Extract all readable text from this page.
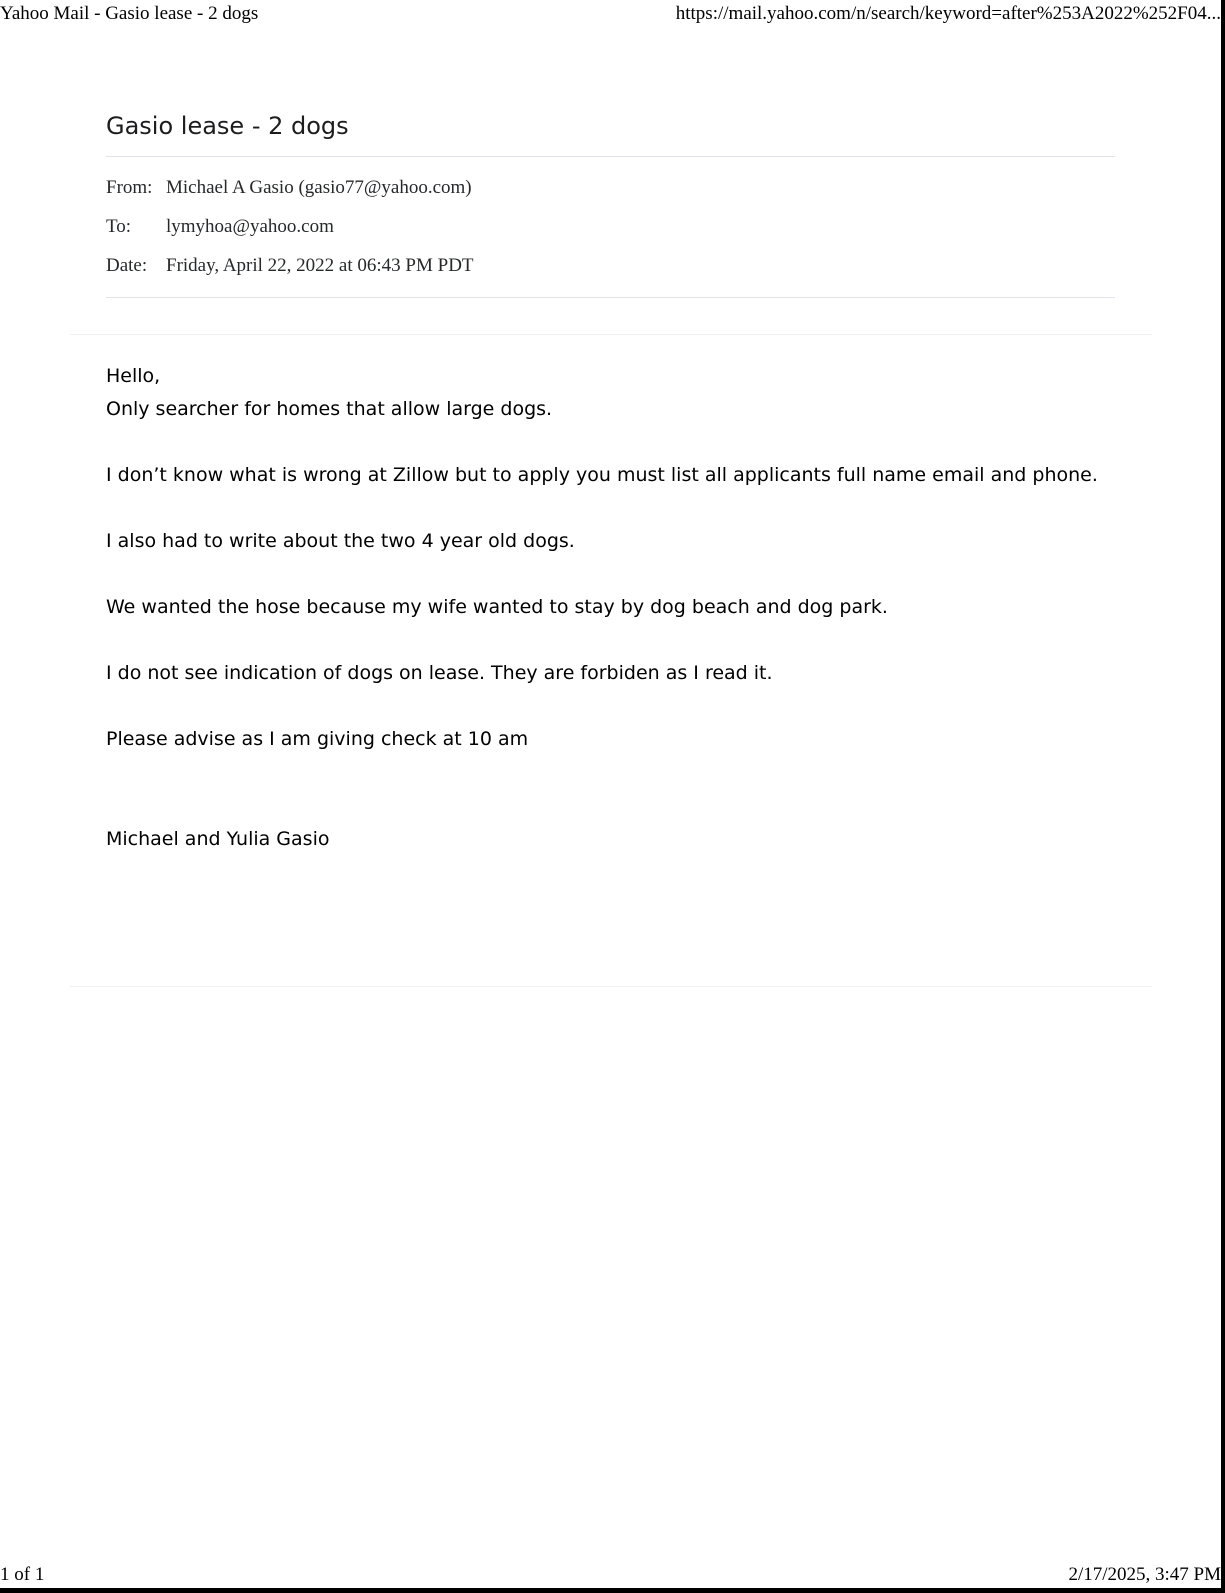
Yahoo Mail - Gasio lease - 2 dogs	https://mail.yahoo.com/n/search/keyword=after%253A2022%252F04...
Gasio lease - 2 dogs
From: Michael A Gasio (gasio77@yahoo.com)
To: lymyhoa@yahoo.com
Date: Friday, April 22, 2022 at 06:43 PM PDT
Hello,
Only searcher for homes that allow large dogs.
I don’t know what is wrong at Zillow but to apply you must list all applicants full name email and phone.
I also had to write about the two 4 year old dogs.
We wanted the hose because my wife wanted to stay by dog beach and dog park.
I do not see indication of dogs on lease. They are forbiden as I read it.
Please advise as I am giving check at 10 am
Michael and Yulia Gasio
1 of 1	2/17/2025, 3:47 PM
